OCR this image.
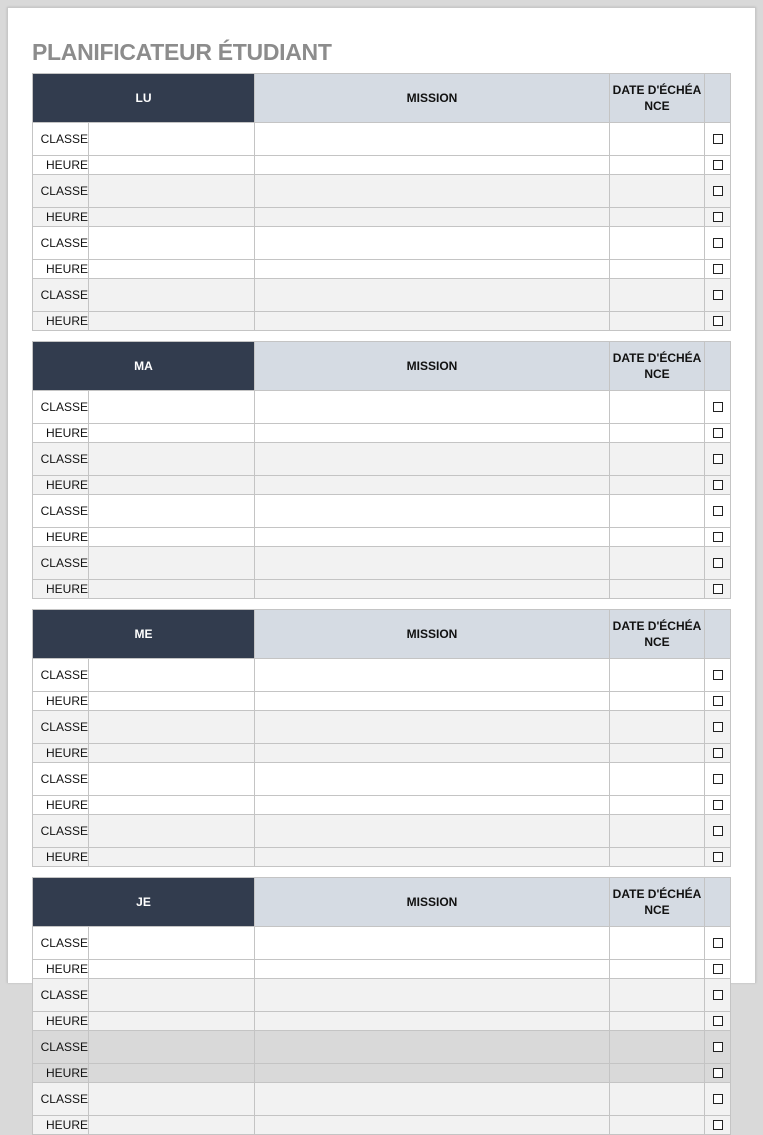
PLANIFICATEUR ÉTUDIANT
LU		MISSION	DATE D'ÉCHÉANCE	
CLASSE				
HEURE				
CLASSE				
HEURE				
CLASSE				
HEURE				
CLASSE				
HEURE				
MA		MISSION	DATE D'ÉCHÉANCE	
CLASSE				
HEURE				
CLASSE				
HEURE				
CLASSE				
HEURE				
CLASSE				
HEURE				
ME		MISSION	DATE D'ÉCHÉANCE	
CLASSE				
HEURE				
CLASSE				
HEURE				
CLASSE				
HEURE				
CLASSE				
HEURE				
JE		MISSION	DATE D'ÉCHÉANCE	
CLASSE				
HEURE				
CLASSE				
HEURE				
CLASSE				
HEURE				
CLASSE				
HEURE				
